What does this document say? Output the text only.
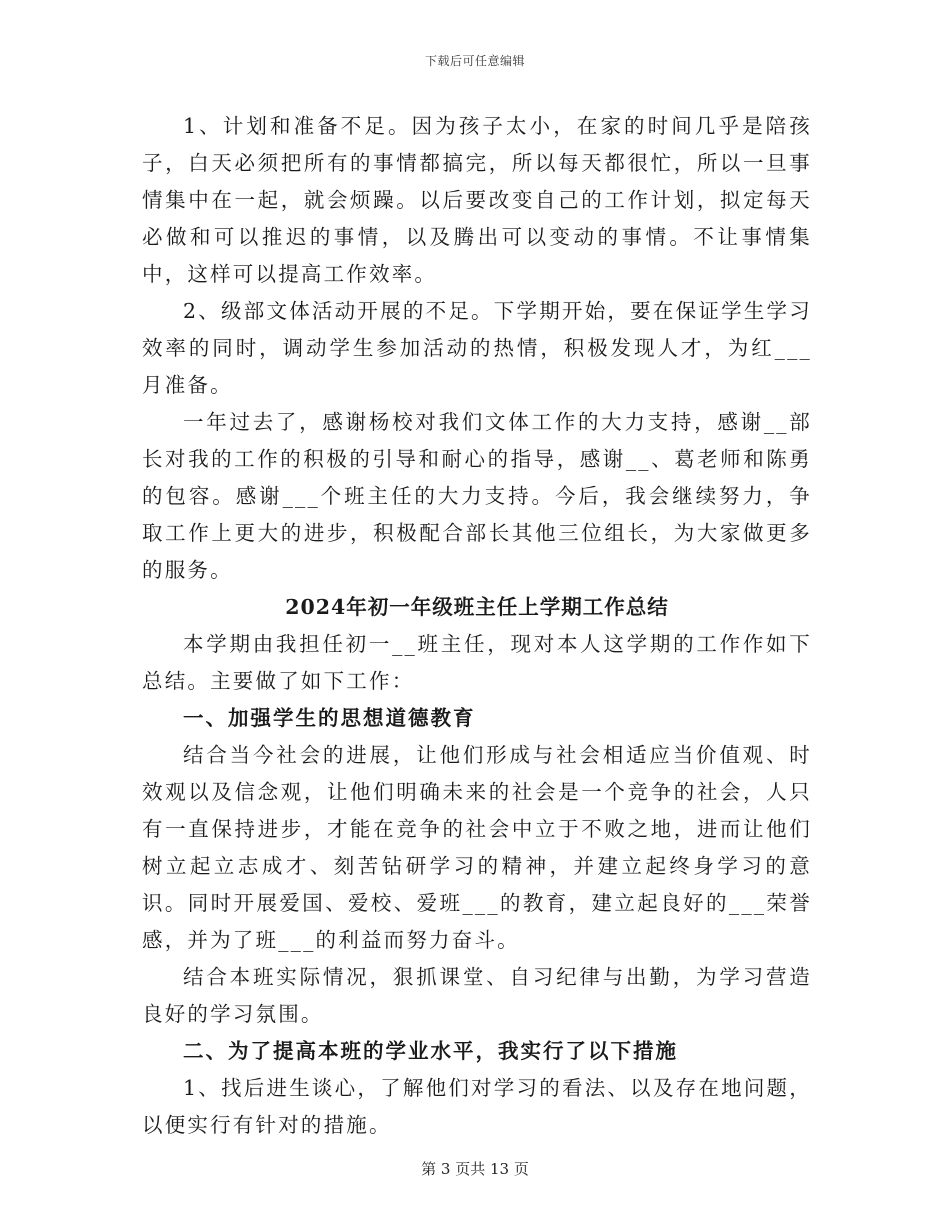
下载后可任意编辑

1、计划和准备不足。因为孩子太小，在家的时间几乎是陪孩子，白天必须把所有的事情都搞完，所以每天都很忙，所以一旦事情集中在一起，就会烦躁。以后要改变自己的工作计划，拟定每天必做和可以推迟的事情，以及腾出可以变动的事情。不让事情集中，这样可以提高工作效率。

2、级部文体活动开展的不足。下学期开始，要在保证学生学习效率的同时，调动学生参加活动的热情，积极发现人才，为红___月准备。

一年过去了，感谢杨校对我们文体工作的大力支持，感谢__部长对我的工作的积极的引导和耐心的指导，感谢__、葛老师和陈勇的包容。感谢___个班主任的大力支持。今后，我会继续努力，争取工作上更大的进步，积极配合部长其他三位组长，为大家做更多的服务。

2024年初一年级班主任上学期工作总结

本学期由我担任初一__班主任，现对本人这学期的工作作如下总结。主要做了如下工作：

一、加强学生的思想道德教育

结合当今社会的进展，让他们形成与社会相适应当价值观、时效观以及信念观，让他们明确未来的社会是一个竞争的社会，人只有一直保持进步，才能在竞争的社会中立于不败之地，进而让他们树立起立志成才、刻苦钻研学习的精神，并建立起终身学习的意识。同时开展爱国、爱校、爱班___的教育，建立起良好的___荣誉感，并为了班___的利益而努力奋斗。

结合本班实际情况，狠抓课堂、自习纪律与出勤，为学习营造良好的学习氛围。

二、为了提高本班的学业水平，我实行了以下措施

1、找后进生谈心，了解他们对学习的看法、以及存在地问题，以便实行有针对的措施。

第 3 页共 13 页
